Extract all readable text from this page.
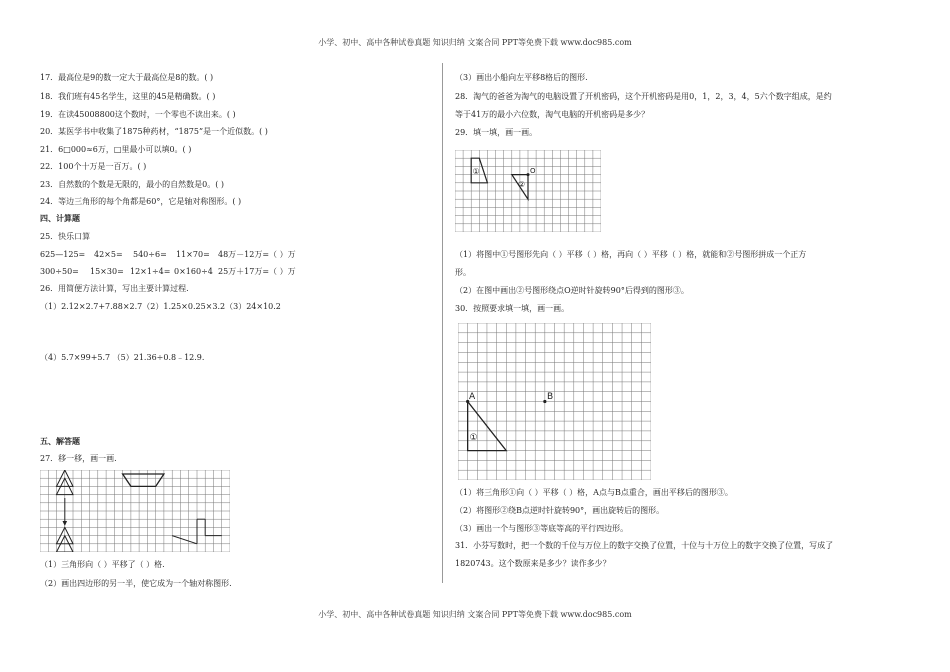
小学、初中、高中各种试卷真题 知识归纳 文案合同 PPT等免费下载 www.doc985.com
小学、初中、高中各种试卷真题 知识归纳 文案合同 PPT等免费下载 www.doc985.com
17．最高位是9的数一定大于最高位是8的数。( )
18．我们班有45名学生，这里的45是精确数。( )
19．在读45008800这个数时，一个零也不读出来。( )
20．某医学书中收集了1875种药材，“1875”是一个近似数。( )
21．6□000≈6万，□里最小可以填0。( )
22．100个十万是一百万。( )
23．自然数的个数是无限的，最小的自然数是0。( )
24．等边三角形的每个角都是60°，它是轴对称图形。( )
四、计算题
25．快乐口算
625—125= 42×5= 540÷6= 11×70= 48万－12万=（ ）万
300÷50= 15×30= 12×1÷4= 0×160÷4 25万＋17万=（ ）万
26．用简便方法计算，写出主要计算过程.
（1）2.12×2.7+7.88×2.7（2）1.25×0.25×3.2（3）24×10.2
（4）5.7×99+5.7 （5）21.36÷0.8﹣12.9.
五、解答题
27．移一移，画一画.
（1）三角形向（ ）平移了（ ）格.
（2）画出四边形的另一半，使它成为一个轴对称图形.
（3）画出小船向左平移8格后的图形.
28．淘气的爸爸为淘气的电脑设置了开机密码，这个开机密码是用0，1，2，3，4，5六个数字组成，是约
等于41万的最小六位数，淘气电脑的开机密码是多少？
29．填一填，画一画。
（1）将图中①号图形先向（ ）平移（ ）格，再向（ ）平移（ ）格，就能和②号图形拼成一个正方
形。
（2）在图中画出②号图形绕点O逆时针旋转90°后得到的图形③。
30．按照要求填一填，画一画。
（1）将三角形①向（ ）平移（ ）格，A点与B点重合，画出平移后的图形③。
（2）将图形②绕B点逆时针旋转90°，画出旋转后的图形。
（3）画出一个与图形③等底等高的平行四边形。
31．小芬写数时，把一个数的千位与万位上的数字交换了位置，十位与十万位上的数字交换了位置，写成了
1820743。这个数原来是多少？读作多少？
①
②
O
A
①
B
